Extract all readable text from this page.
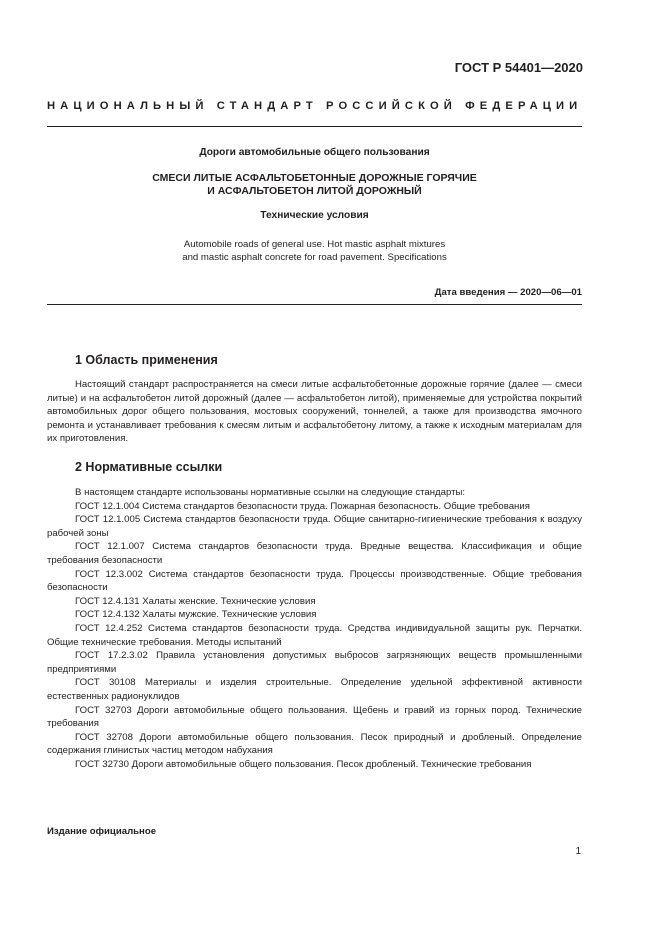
ГОСТ Р 54401—2020
НАЦИОНАЛЬНЫЙ СТАНДАРТ РОССИЙСКОЙ ФЕДЕРАЦИИ
Дороги автомобильные общего пользования
СМЕСИ ЛИТЫЕ АСФАЛЬТОБЕТОННЫЕ ДОРОЖНЫЕ ГОРЯЧИЕ
И АСФАЛЬТОБЕТОН ЛИТОЙ ДОРОЖНЫЙ
Технические условия
Automobile roads of general use. Hot mastic asphalt mixtures
and mastic asphalt concrete for road pavement. Specifications
Дата введения — 2020—06—01
1 Область применения
Настоящий стандарт распространяется на смеси литые асфальтобетонные дорожные горячие (далее — смеси литые) и на асфальтобетон литой дорожный (далее — асфальтобетон литой), применяемые для устройства покрытий автомобильных дорог общего пользования, мостовых сооружений, тоннелей, а также для производства ямочного ремонта и устанавливает требования к смесям литым и асфальтобетону литому, а также к исходным материалам для их приготовления.
2 Нормативные ссылки

В настоящем стандарте использованы нормативные ссылки на следующие стандарты:

ГОСТ 12.1.004 Система стандартов безопасности труда. Пожарная безопасность. Общие требования

ГОСТ 12.1.005 Система стандартов безопасности труда. Общие санитарно-гигиенические требования к воздуху рабочей зоны

ГОСТ 12.1.007 Система стандартов безопасности труда. Вредные вещества. Классификация и общие требования безопасности

ГОСТ 12.3.002 Система стандартов безопасности труда. Процессы производственные. Общие требования безопасности

ГОСТ 12.4.131 Халаты женские. Технические условия

ГОСТ 12.4.132 Халаты мужские. Технические условия

ГОСТ 12.4.252 Система стандартов безопасности труда. Средства индивидуальной защиты рук. Перчатки. Общие технические требования. Методы испытаний

ГОСТ 17.2.3.02 Правила установления допустимых выбросов загрязняющих веществ промышленными предприятиями

ГОСТ 30108 Материалы и изделия строительные. Определение удельной эффективной активности естественных радионуклидов

ГОСТ 32703 Дороги автомобильные общего пользования. Щебень и гравий из горных пород. Технические требования

ГОСТ 32708 Дороги автомобильные общего пользования. Песок природный и дробленый. Определение содержания глинистых частиц методом набухания

ГОСТ 32730 Дороги автомобильные общего пользования. Песок дробленый. Технические требования

Издание официальное
1
